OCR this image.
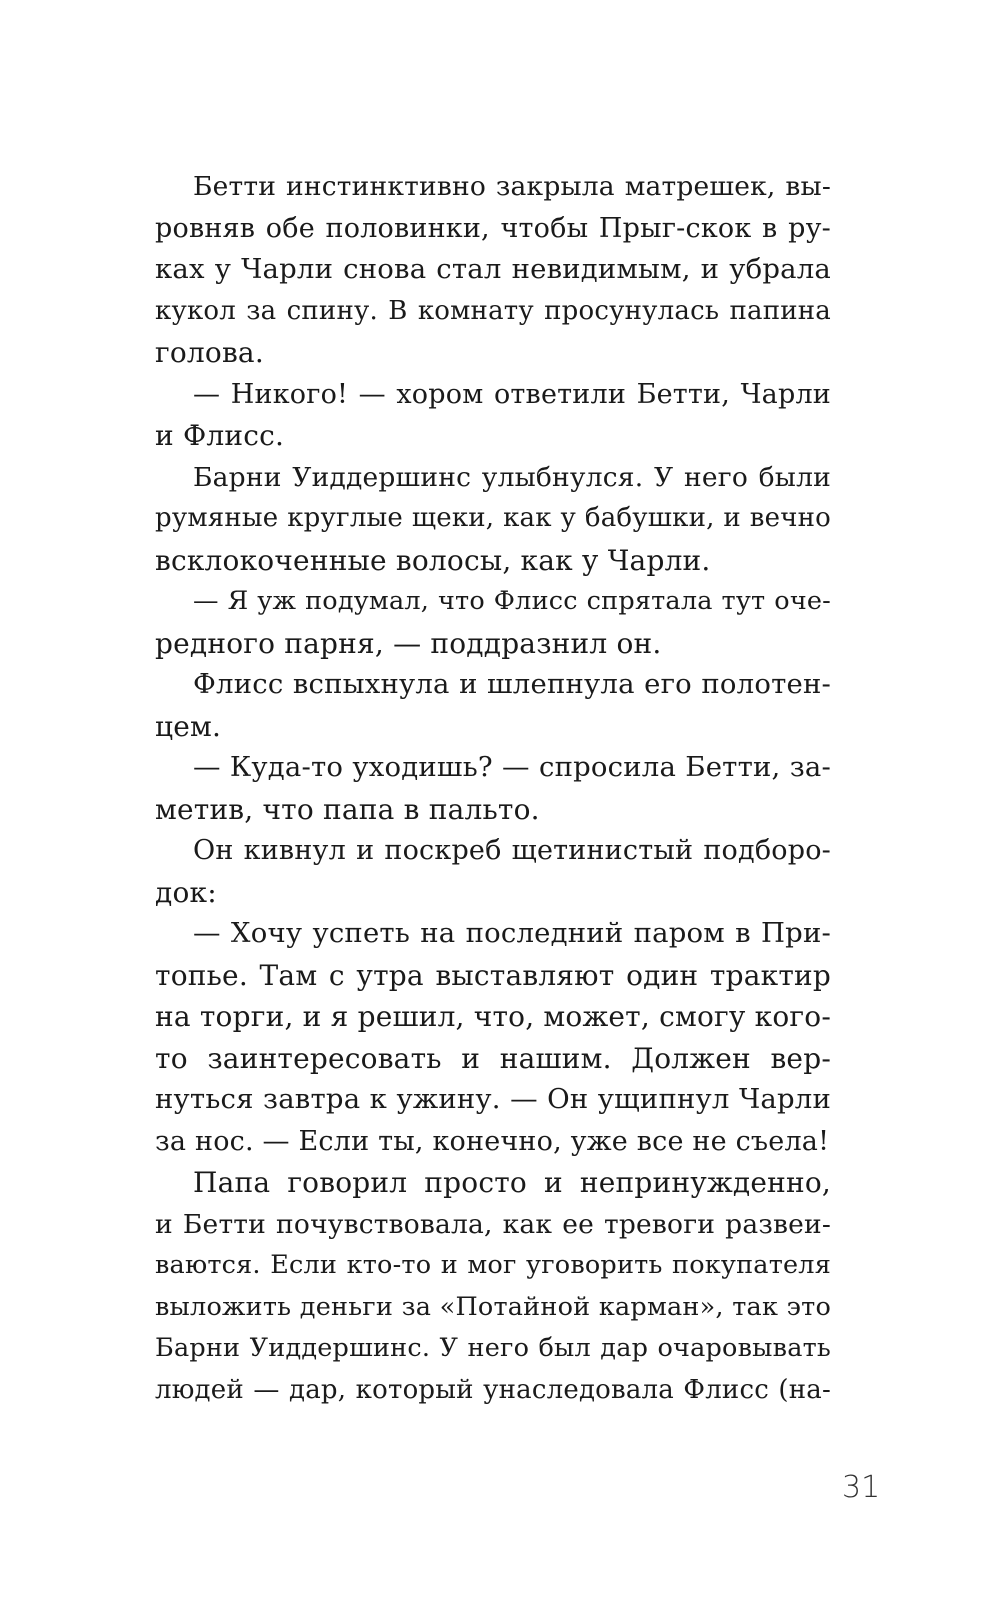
Бетти инстинктивно закрыла матрешек, вы-
ровняв обе половинки, чтобы Прыг-скок в ру-
ках у Чарли снова стал невидимым, и убрала
кукол за спину. В комнату просунулась папина
голова.
— Никого! — хором ответили Бетти, Чарли
и Флисс.
Барни Уиддершинс улыбнулся. У него были
румяные круглые щеки, как у бабушки, и вечно
всклокоченные волосы, как у Чарли.
— Я уж подумал, что Флисс спрятала тут оче-
редного парня, — поддразнил он.
Флисс вспыхнула и шлепнула его полотен-
цем.
— Куда-то уходишь? — спросила Бетти, за-
метив, что папа в пальто.
Он кивнул и поскреб щетинистый подборо-
док:
— Хочу успеть на последний паром в При-
топье. Там с утра выставляют один трактир
на торги, и я решил, что, может, смогу кого-
то заинтересовать и нашим. Должен вер-
нуться завтра к ужину. — Он ущипнул Чарли
за нос. — Если ты, конечно, уже все не съела!
Папа говорил просто и непринужденно,
и Бетти почувствовала, как ее тревоги развеи-
ваются. Если кто-то и мог уговорить покупателя
выложить деньги за «Потайной карман», так это
Барни Уиддершинс. У него был дар очаровывать
людей — дар, который унаследовала Флисс (на-
31
